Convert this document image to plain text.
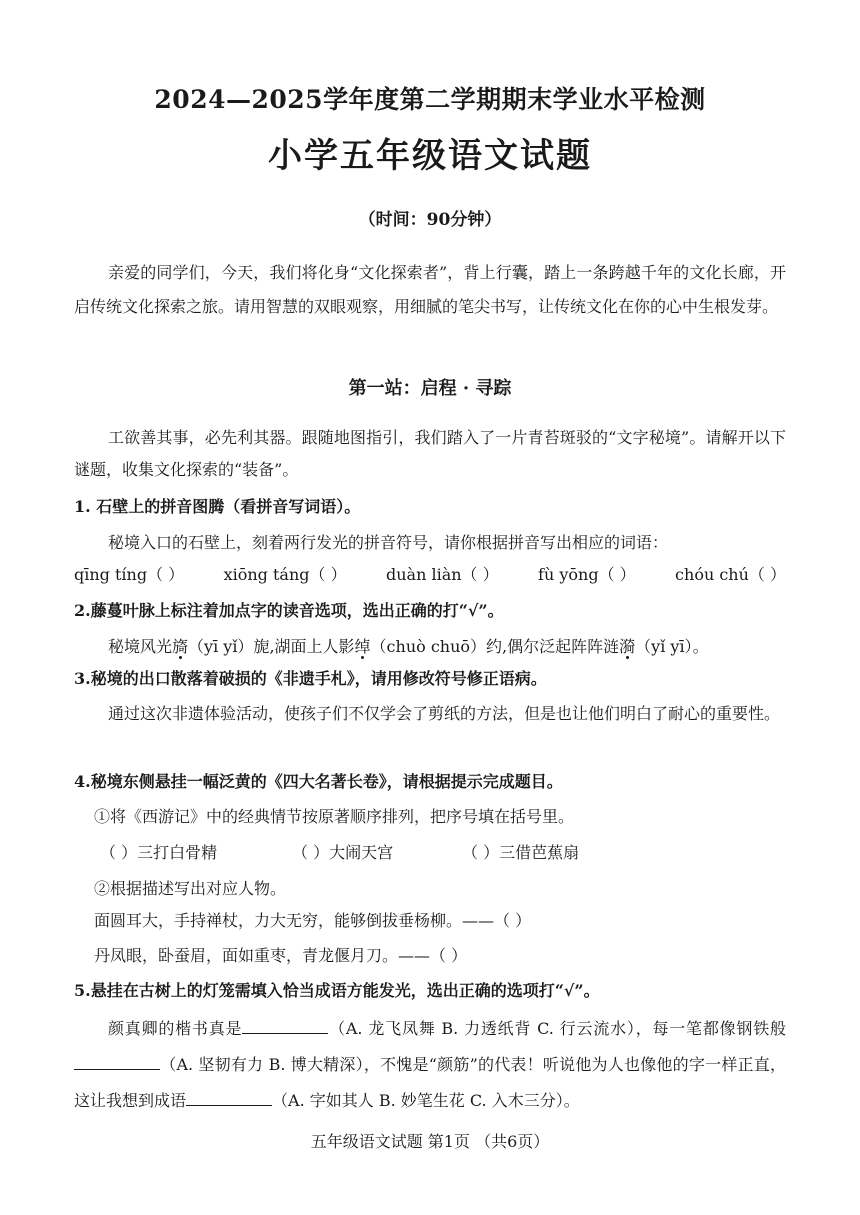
2024—2025学年度第二学期期末学业水平检测
小学五年级语文试题
（时间：90分钟）
亲爱的同学们，今天，我们将化身“文化探索者”，背上行囊，踏上一条跨越千年的文化长廊，开启传统文化探索之旅。请用智慧的双眼观察，用细腻的笔尖书写，让传统文化在你的心中生根发芽。
第一站：启程 · 寻踪
工欲善其事，必先利其器。跟随地图指引，我们踏入了一片青苔斑驳的“文字秘境”。请解开以下谜题，收集文化探索的“装备”。
1. 石壁上的拼音图腾（看拼音写词语）。
秘境入口的石壁上，刻着两行发光的拼音符号，请你根据拼音写出相应的词语：
qīng tíng（ ） xiōng táng（ ） duàn liàn（ ） fù yōng（ ） chóu chú（ ）
2.藤蔓叶脉上标注着加点字的读音选项，选出正确的打“√”。
秘境风光旖（yī yǐ）旎,湖面上人影绰（chuò chuō）约,偶尔泛起阵阵涟漪（yǐ yī）。
3.秘境的出口散落着破损的《非遗手札》，请用修改符号修正语病。
通过这次非遗体验活动，使孩子们不仅学会了剪纸的方法，但是也让他们明白了耐心的重要性。
4.秘境东侧悬挂一幅泛黄的《四大名著长卷》，请根据提示完成题目。
①将《西游记》中的经典情节按原著顺序排列，把序号填在括号里。
（ ）三打白骨精	（ ）大闹天宫	（ ）三借芭蕉扇
②根据描述写出对应人物。
面圆耳大，手持禅杖，力大无穷，能够倒拔垂杨柳。——（ ）
丹凤眼，卧蚕眉，面如重枣，青龙偃月刀。——（ ）
5.悬挂在古树上的灯笼需填入恰当成语方能发光，选出正确的选项打“√”。
颜真卿的楷书真是	（A. 龙飞凤舞 B. 力透纸背 C. 行云流水），每一笔都像钢铁般（A. 坚韧有力 B. 博大精深），不愧是“颜筋”的代表！听说他为人也像他的字一样正直，这让我想到成语	（A. 字如其人 B. 妙笔生花 C. 入木三分）。
五年级语文试题 第1页 （共6页）
